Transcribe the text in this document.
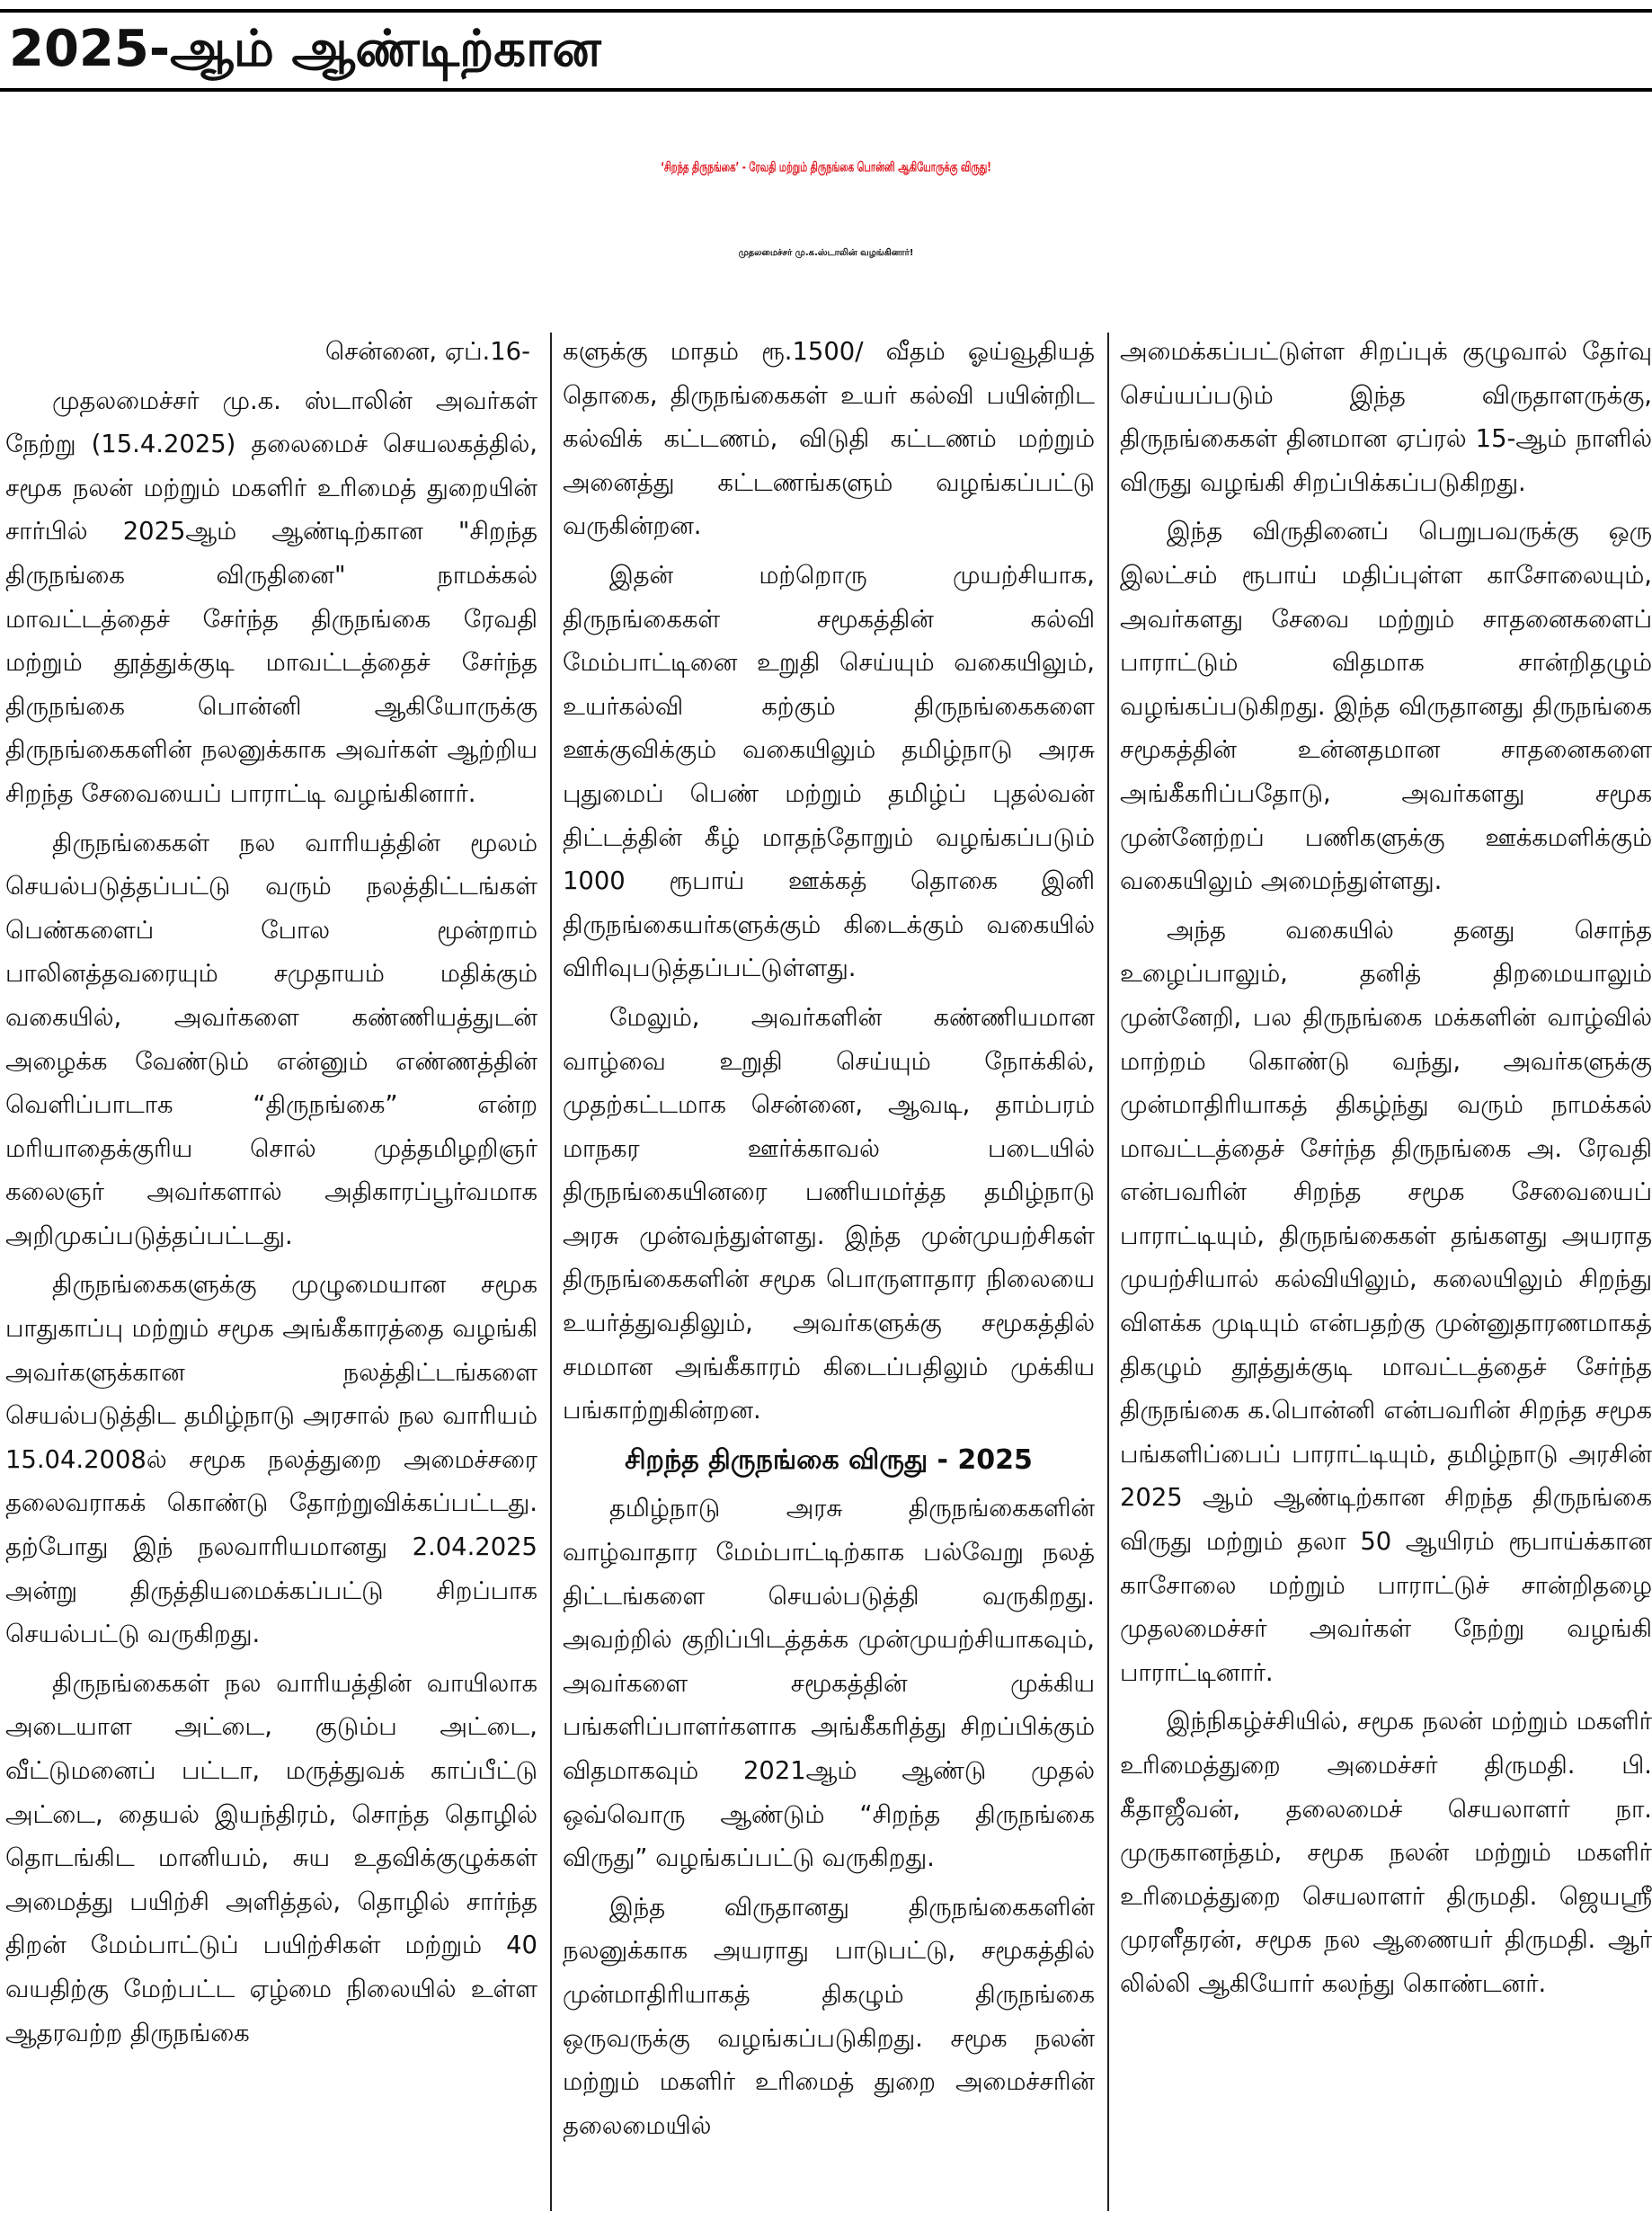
2025-ஆம் ஆண்டிற்கான
‘சிறந்த திருநங்கை’ - ரேவதி மற்றும் திருநங்கை பொன்னி ஆகியோருக்கு விருது!
முதலமைச்சர் மு.க.ஸ்டாலின் வழங்கினார்!

சென்னை, ஏப்.16-

முதலமைச்சர் மு.க. ஸ்டாலின் அவர்கள் நேற்று (15.4.2025) தலைமைச் செயலகத்தில், சமூக நலன் மற்றும் மகளிர் உரிமைத் துறையின் சார்பில் 2025ஆம் ஆண்டிற்கான "சிறந்த திருநங்கை விருதினை" நாமக்கல் மாவட்டத்தைச் சேர்ந்த திருநங்கை ரேவதி மற்றும் தூத்துக்குடி மாவட்டத்தைச் சேர்ந்த திருநங்கை பொன்னி ஆகியோருக்கு திருநங்கைகளின் நலனுக்காக அவர்கள் ஆற்றிய சிறந்த சேவையைப் பாராட்டி வழங்கினார்.

திருநங்கைகள் நல வாரியத்தின் மூலம் செயல்படுத்தப்பட்டு வரும் நலத்திட்டங்கள் பெண்களைப் போல மூன்றாம் பாலினத்தவரையும் சமுதாயம் மதிக்கும் வகையில், அவர்களை கண்ணியத்துடன் அழைக்க வேண்டும் என்னும் எண்ணத்தின் வெளிப்பாடாக “திருநங்கை” என்ற மரியாதைக்குரிய சொல் முத்தமிழறிஞர் கலைஞர் அவர்களால் அதிகாரப்பூர்வமாக அறிமுகப்படுத்தப்பட்டது.

திருநங்கைகளுக்கு முழுமையான சமூக பாதுகாப்பு மற்றும் சமூக அங்கீகாரத்தை வழங்கி அவர்களுக்கான நலத்திட்டங்களை செயல்படுத்திட தமிழ்நாடு அரசால் நல வாரியம் 15.04.2008ல் சமூக நலத்துறை அமைச்சரை தலைவராகக் கொண்டு தோற்றுவிக்கப்பட்டது. தற்போது இந் நலவாரியமானது 2.04.2025 அன்று திருத்தியமைக்கப்பட்டு சிறப்பாக செயல்பட்டு வருகிறது.

திருநங்கைகள் நல வாரியத்தின் வாயிலாக அடையாள அட்டை, குடும்ப அட்டை, வீட்டுமனைப் பட்டா, மருத்துவக் காப்பீட்டு அட்டை, தையல் இயந்திரம், சொந்த தொழில் தொடங்கிட மானியம், சுய உதவிக்குழுக்கள் அமைத்து பயிற்சி அளித்தல், தொழில் சார்ந்த திறன் மேம்பாட்டுப் பயிற்சிகள் மற்றும் 40 வயதிற்கு மேற்பட்ட ஏழ்மை நிலையில் உள்ள ஆதரவற்ற திருநங்கை

களுக்கு மாதம் ரூ.1500/ வீதம் ஓய்வூதியத் தொகை, திருநங்கைகள் உயர் கல்வி பயின்றிட கல்விக் கட்டணம், விடுதி கட்டணம் மற்றும் அனைத்து கட்டணங்களும் வழங்கப்பட்டு வருகின்றன.

இதன் மற்றொரு முயற்சியாக, திருநங்கைகள் சமூகத்தின் கல்வி மேம்பாட்டினை உறுதி செய்யும் வகையிலும், உயர்கல்வி கற்கும் திருநங்கைகளை ஊக்குவிக்கும் வகையிலும் தமிழ்நாடு அரசு புதுமைப் பெண் மற்றும் தமிழ்ப் புதல்வன் திட்டத்தின் கீழ் மாதந்தோறும் வழங்கப்படும் 1000 ரூபாய் ஊக்கத் தொகை இனி திருநங்கையர்களுக்கும் கிடைக்கும் வகையில் விரிவுபடுத்தப்பட்டுள்ளது.

மேலும், அவர்களின் கண்ணியமான வாழ்வை உறுதி செய்யும் நோக்கில், முதற்கட்டமாக சென்னை, ஆவடி, தாம்பரம் மாநகர ஊர்க்காவல் படையில் திருநங்கையினரை பணியமர்த்த தமிழ்நாடு அரசு முன்வந்துள்ளது. இந்த முன்முயற்சிகள் திருநங்கைகளின் சமூக பொருளாதார நிலையை உயர்த்துவதிலும், அவர்களுக்கு சமூகத்தில் சமமான அங்கீகாரம் கிடைப்பதிலும் முக்கிய பங்காற்றுகின்றன.

சிறந்த திருநங்கை விருது - 2025

தமிழ்நாடு அரசு திருநங்கைகளின் வாழ்வாதார மேம்பாட்டிற்காக பல்வேறு நலத் திட்டங்களை செயல்படுத்தி வருகிறது. அவற்றில் குறிப்பிடத்தக்க முன்முயற்சியாகவும், அவர்களை சமூகத்தின் முக்கிய பங்களிப்பாளர்களாக அங்கீகரித்து சிறப்பிக்கும் விதமாகவும் 2021ஆம் ஆண்டு முதல் ஒவ்வொரு ஆண்டும் “சிறந்த திருநங்கை விருது” வழங்கப்பட்டு வருகிறது.

இந்த விருதானது திருநங்கைகளின் நலனுக்காக அயராது பாடுபட்டு, சமூகத்தில் முன்மாதிரியாகத் திகழும் திருநங்கை ஒருவருக்கு வழங்கப்படுகிறது. சமூக நலன் மற்றும் மகளிர் உரிமைத் துறை அமைச்சரின் தலைமையில்

அமைக்கப்பட்டுள்ள சிறப்புக் குழுவால் தேர்வு செய்யப்படும் இந்த விருதாளருக்கு, திருநங்கைகள் தினமான ஏப்ரல் 15-ஆம் நாளில் விருது வழங்கி சிறப்பிக்கப்படுகிறது.

இந்த விருதினைப் பெறுபவருக்கு ஒரு இலட்சம் ரூபாய் மதிப்புள்ள காசோலையும், அவர்களது சேவை மற்றும் சாதனைகளைப் பாராட்டும் விதமாக சான்றிதழும் வழங்கப்படுகிறது. இந்த விருதானது திருநங்கை சமூகத்தின் உன்னதமான சாதனைகளை அங்கீகரிப்பதோடு, அவர்களது சமூக முன்னேற்றப் பணிகளுக்கு ஊக்கமளிக்கும் வகையிலும் அமைந்துள்ளது.

அந்த வகையில் தனது சொந்த உழைப்பாலும், தனித் திறமையாலும் முன்னேறி, பல திருநங்கை மக்களின் வாழ்வில் மாற்றம் கொண்டு வந்து, அவர்களுக்கு முன்மாதிரியாகத் திகழ்ந்து வரும் நாமக்கல் மாவட்டத்தைச் சேர்ந்த திருநங்கை அ. ரேவதி என்பவரின் சிறந்த சமூக சேவையைப் பாராட்டியும், திருநங்கைகள் தங்களது அயராத முயற்சியால் கல்வியிலும், கலையிலும் சிறந்து விளக்க முடியும் என்பதற்கு முன்னுதாரணமாகத் திகழும் தூத்துக்குடி மாவட்டத்தைச் சேர்ந்த திருநங்கை க.பொன்னி என்பவரின் சிறந்த சமூக பங்களிப்பைப் பாராட்டியும், தமிழ்நாடு அரசின் 2025 ஆம் ஆண்டிற்கான சிறந்த திருநங்கை விருது மற்றும் தலா 50 ஆயிரம் ரூபாய்க்கான காசோலை மற்றும் பாராட்டுச் சான்றிதழை முதலமைச்சர் அவர்கள் நேற்று வழங்கி பாராட்டினார்.

இந்நிகழ்ச்சியில், சமூக நலன் மற்றும் மகளிர் உரிமைத்துறை அமைச்சர் திருமதி. பி. கீதாஜீவன், தலைமைச் செயலாளர் நா. முருகானந்தம், சமூக நலன் மற்றும் மகளிர் உரிமைத்துறை செயலாளர் திருமதி. ஜெயஸ்ரீ முரளீதரன், சமூக நல ஆணையர் திருமதி. ஆர் லில்லி ஆகியோர் கலந்து கொண்டனர்.
